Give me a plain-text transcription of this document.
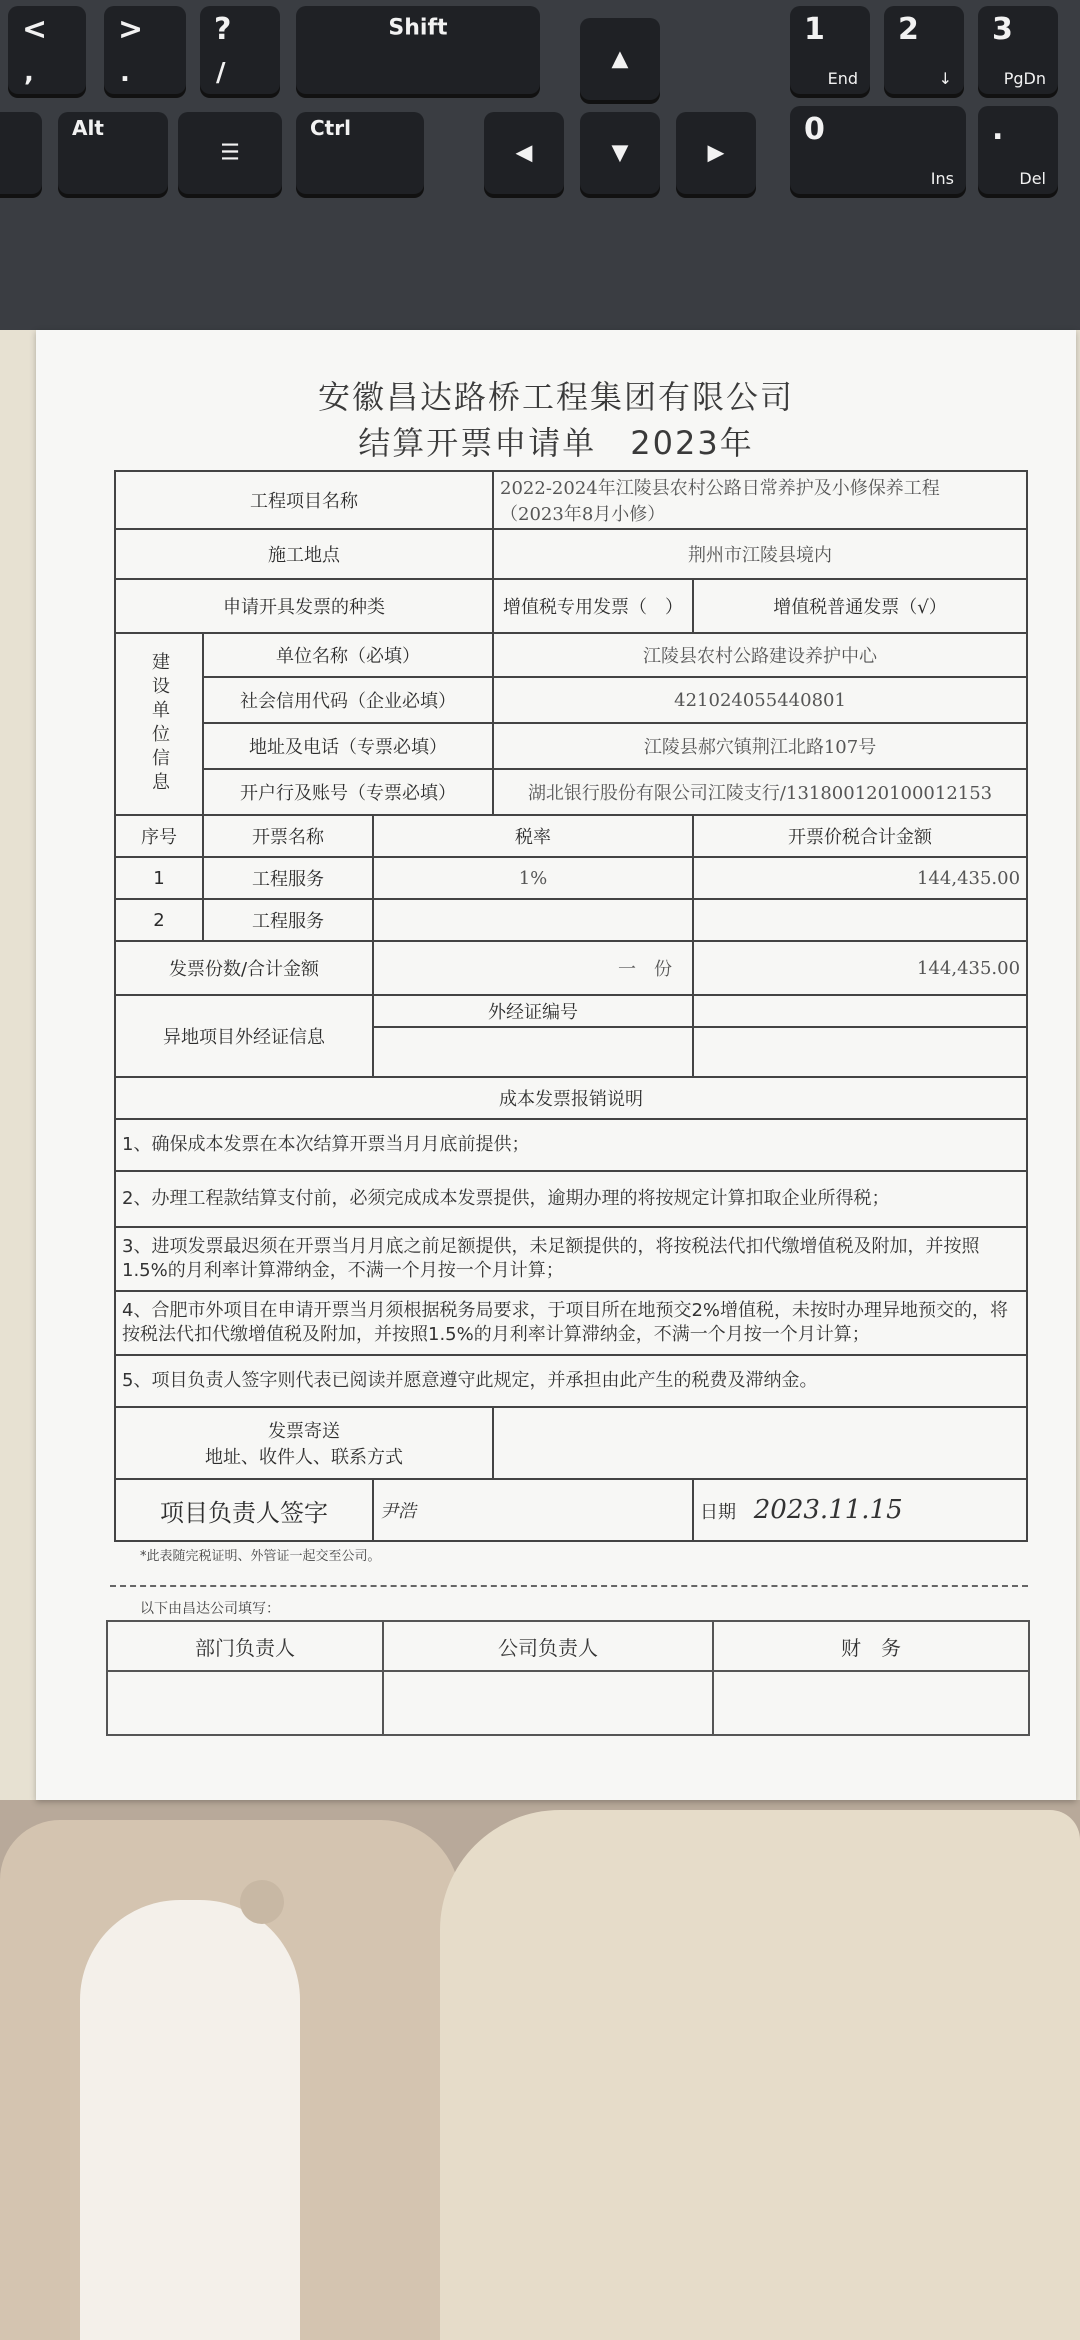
<
,
>
.
?
/
Shift
▲
1
End
2
↓
3
PgDn
Alt
☰
Ctrl
◀	▼	▶
0
Ins
.
Del
安徽昌达路桥工程集团有限公司
结算开票申请单　2023年
工程项目名称			2022-2024年江陵县农村公路日常养护及小修保养工程
（2023年8月小修）	

施工地点			荆州市江陵县境内	
申请开具发票的种类			增值税专用发票（　）	增值税普通发票（√）
建设单位信息	单位名称（必填）		江陵县农村公路建设养护中心	
	社会信用代码（企业必填）		421024055440801	
	地址及电话（专票必填）		江陵县郝穴镇荆江北路107号	
	开户行及账号（专票必填）		湖北银行股份有限公司江陵支行/131800120100012153	
序号	开票名称	税率		开票价税合计金额
1	工程服务	1%		144,435.00
2	工程服务			
发票份数/合计金额		一　份		144,435.00
异地项目外经证信息		外经证编号		

成本发票报销说明				
1、确保成本发票在本次结算开票当月月底前提供；				
2、办理工程款结算支付前，必须完成成本发票提供，逾期办理的将按规定计算扣取企业所得税；				
3、进项发票最迟须在开票当月月底之前足额提供，未足额提供的，将按税法代扣代缴增值税及附加，并按照1.5%的月利率计算滞纳金，不满一个月按一个月计算；				
4、合肥市外项目在申请开票当月须根据税务局要求，于项目所在地预交2%增值税，未按时办理异地预交的，将按税法代扣代缴增值税及附加，并按照1.5%的月利率计算滞纳金，不满一个月按一个月计算；				
5、项目负责人签字则代表已阅读并愿意遵守此规定，并承担由此产生的税费及滞纳金。				

发票寄送
地址、收件人、联系方式				

项目负责人签字		尹浩		日期 2023.11.15
*此表随完税证明、外管证一起交至公司。
以下由昌达公司填写：
部门负责人	公司负责人	财　务
